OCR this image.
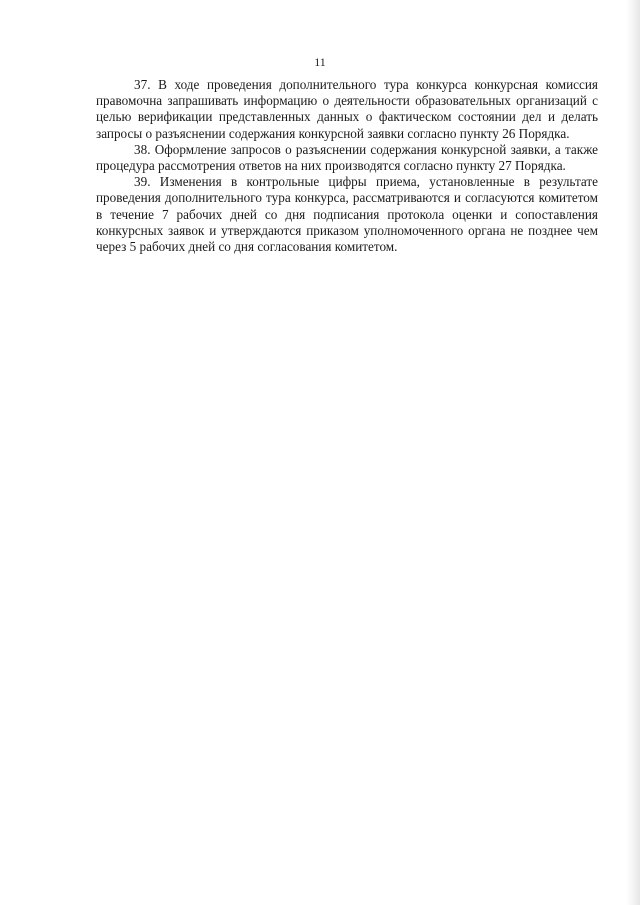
11

37. В ходе проведения дополнительного тура конкурса конкурсная комиссия правомочна запрашивать информацию о деятельности образовательных организаций с целью верификации представленных данных о фактическом состоянии дел и делать запросы о разъяснении содержания конкурсной заявки согласно пункту 26 Порядка.

38. Оформление запросов о разъяснении содержания конкурсной заявки, а также процедура рассмотрения ответов на них производятся согласно пункту 27 Порядка.

39. Изменения в контрольные цифры приема, установленные в результате проведения дополнительного тура конкурса, рассматриваются и согласуются комитетом в течение 7 рабочих дней со дня подписания протокола оценки и сопоставления конкурсных заявок и утверждаются приказом уполномоченного органа не позднее чем через 5 рабочих дней со дня согласования комитетом.
